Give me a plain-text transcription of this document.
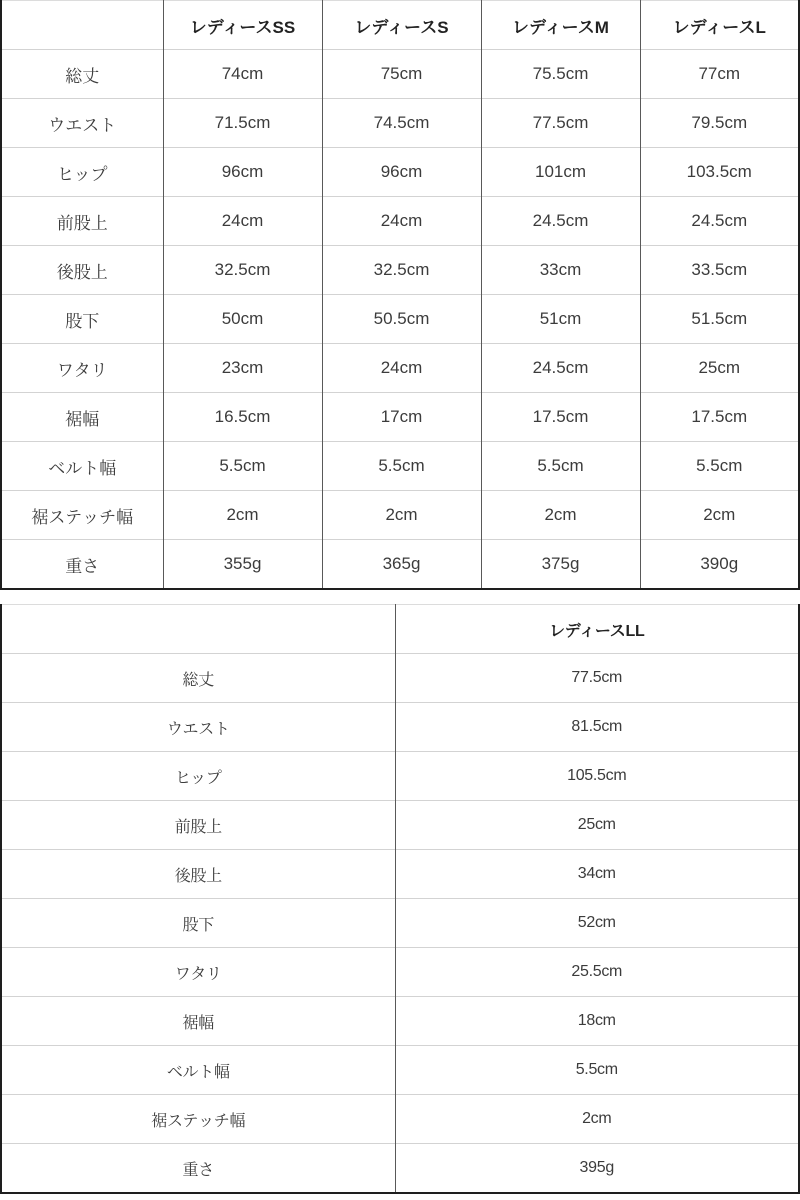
	レディースSS	レディースS	レディースM	レディースL
総丈	74cm	75cm	75.5cm	77cm
ウエスト	71.5cm	74.5cm	77.5cm	79.5cm
ヒップ	96cm	96cm	101cm	103.5cm
前股上	24cm	24cm	24.5cm	24.5cm
後股上	32.5cm	32.5cm	33cm	33.5cm
股下	50cm	50.5cm	51cm	51.5cm
ワタリ	23cm	24cm	24.5cm	25cm
裾幅	16.5cm	17cm	17.5cm	17.5cm
ベルト幅	5.5cm	5.5cm	5.5cm	5.5cm
裾ステッチ幅	2cm	2cm	2cm	2cm
重さ	355g	365g	375g	390g
	レディースLL
総丈	77.5cm
ウエスト	81.5cm
ヒップ	105.5cm
前股上	25cm
後股上	34cm
股下	52cm
ワタリ	25.5cm
裾幅	18cm
ベルト幅	5.5cm
裾ステッチ幅	2cm
重さ	395g
